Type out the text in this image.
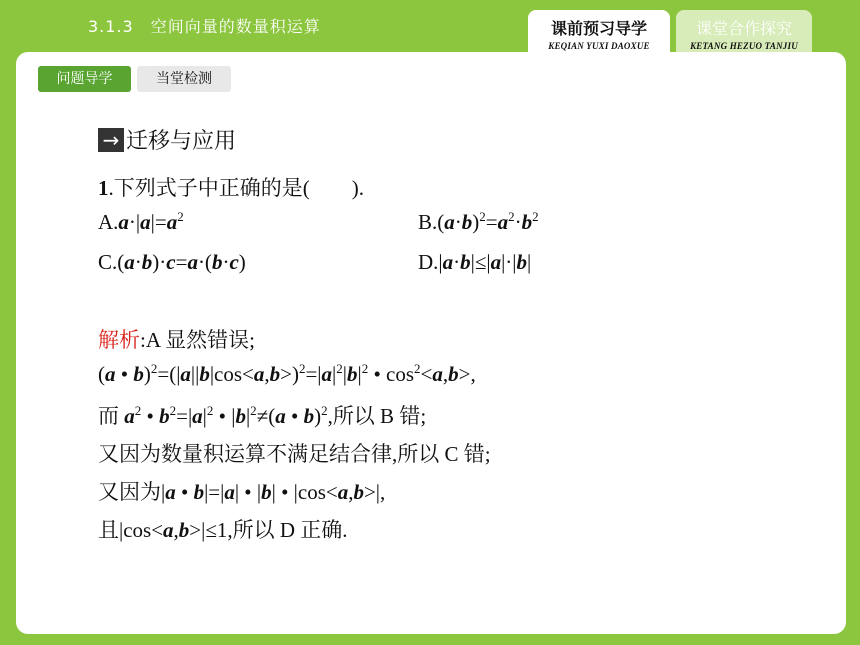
3.1.3　空间向量的数量积运算	课前预习导学
KEQIAN YUXI DAOXUE
课堂合作探究
KETANG HEZUO TANJIU
问题导学	当堂检测
→ 迁移与应用
1.下列式子中正确的是(　　).
$A.a\cdot|a|=a^2$	$B.(a\cdot b)^2=a^2\cdot b^2$
C.(a·b)·c=a·(b·c)	D.|a·b|≤|a|·|b|
解析:A 显然错误;
(a • $b)^2=(|a||b|\cos<a,b>)^2=|a|^2|b|^2$ • $\cos^2<a,b>$,
而 $a^2$ • $b^2=|a|^2$ • $|b|^2\ne(a$ • b)$^2$,所以 B 错;
又因为数量积运算不满足结合律,所以 C 错;
又因为|a • b|=|a| • |b| • |cos<a,b>|,
且|cos<a,b>|≤1,所以 D 正确.
